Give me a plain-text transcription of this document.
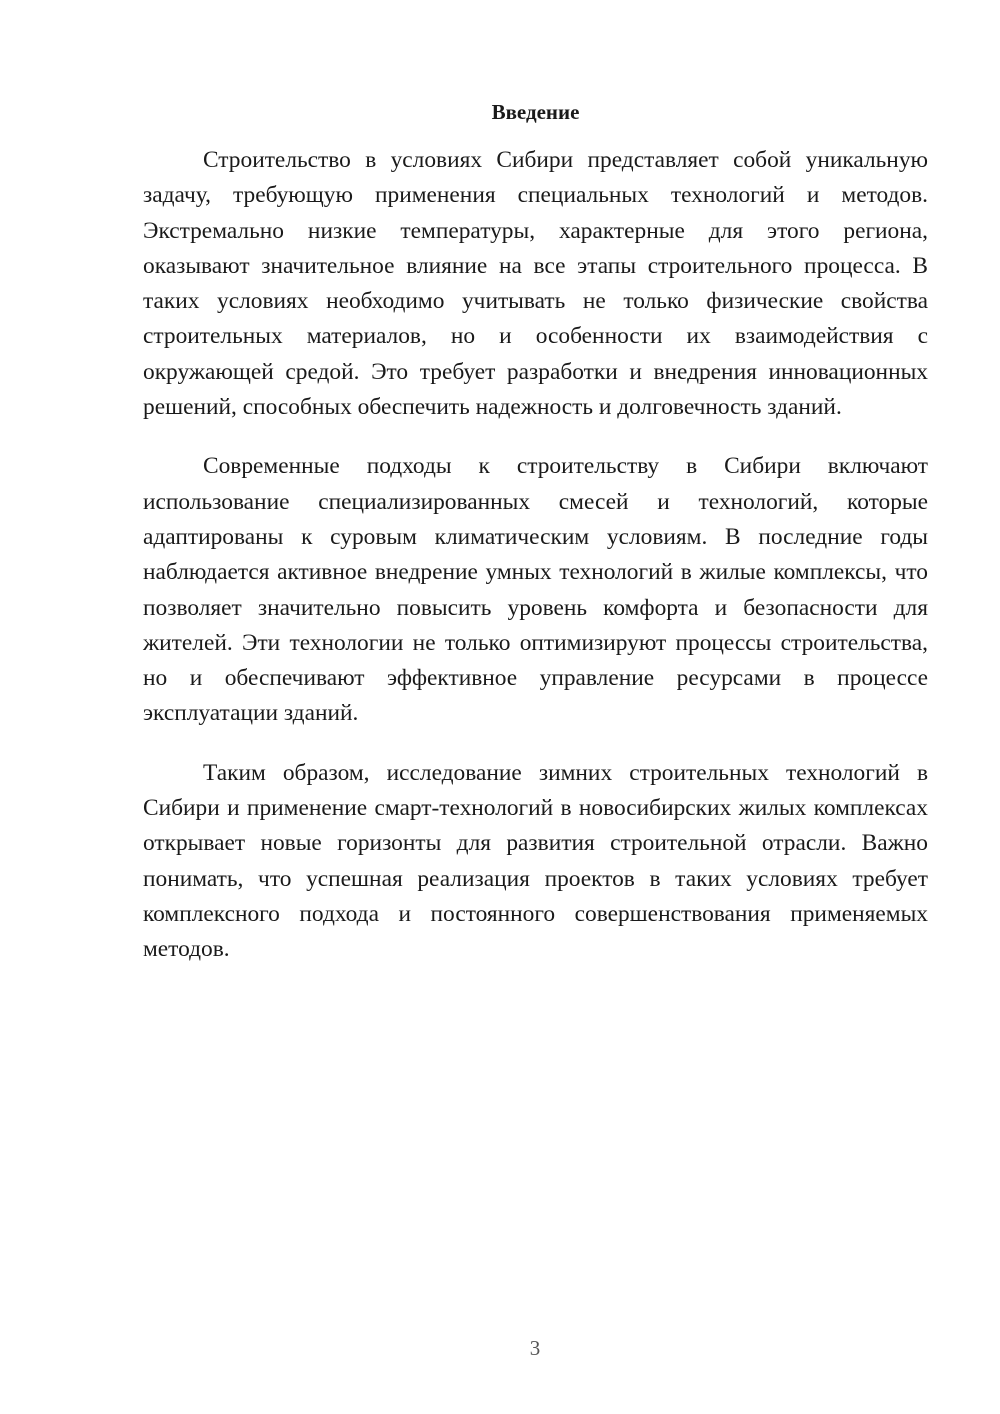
Введение

Строительство в условиях Сибири представляет собой уникальную задачу, требующую применения специальных технологий и методов. Экстремально низкие температуры, характерные для этого региона, оказывают значительное влияние на все этапы строительного процесса. В таких условиях необходимо учитывать не только физические свойства строительных материалов, но и особенности их взаимодействия с окружающей средой. Это требует разработки и внедрения инновационных решений, способных обеспечить надежность и долговечность зданий.

Современные подходы к строительству в Сибири включают использование специализированных смесей и технологий, которые адаптированы к суровым климатическим условиям. В последние годы наблюдается активное внедрение умных технологий в жилые комплексы, что позволяет значительно повысить уровень комфорта и безопасности для жителей. Эти технологии не только оптимизируют процессы строительства, но и обеспечивают эффективное управление ресурсами в процессе эксплуатации зданий.

Таким образом, исследование зимних строительных технологий в Сибири и применение смарт-технологий в новосибирских жилых комплексах открывает новые горизонты для развития строительной отрасли. Важно понимать, что успешная реализация проектов в таких условиях требует комплексного подхода и постоянного совершенствования применяемых методов.

3
